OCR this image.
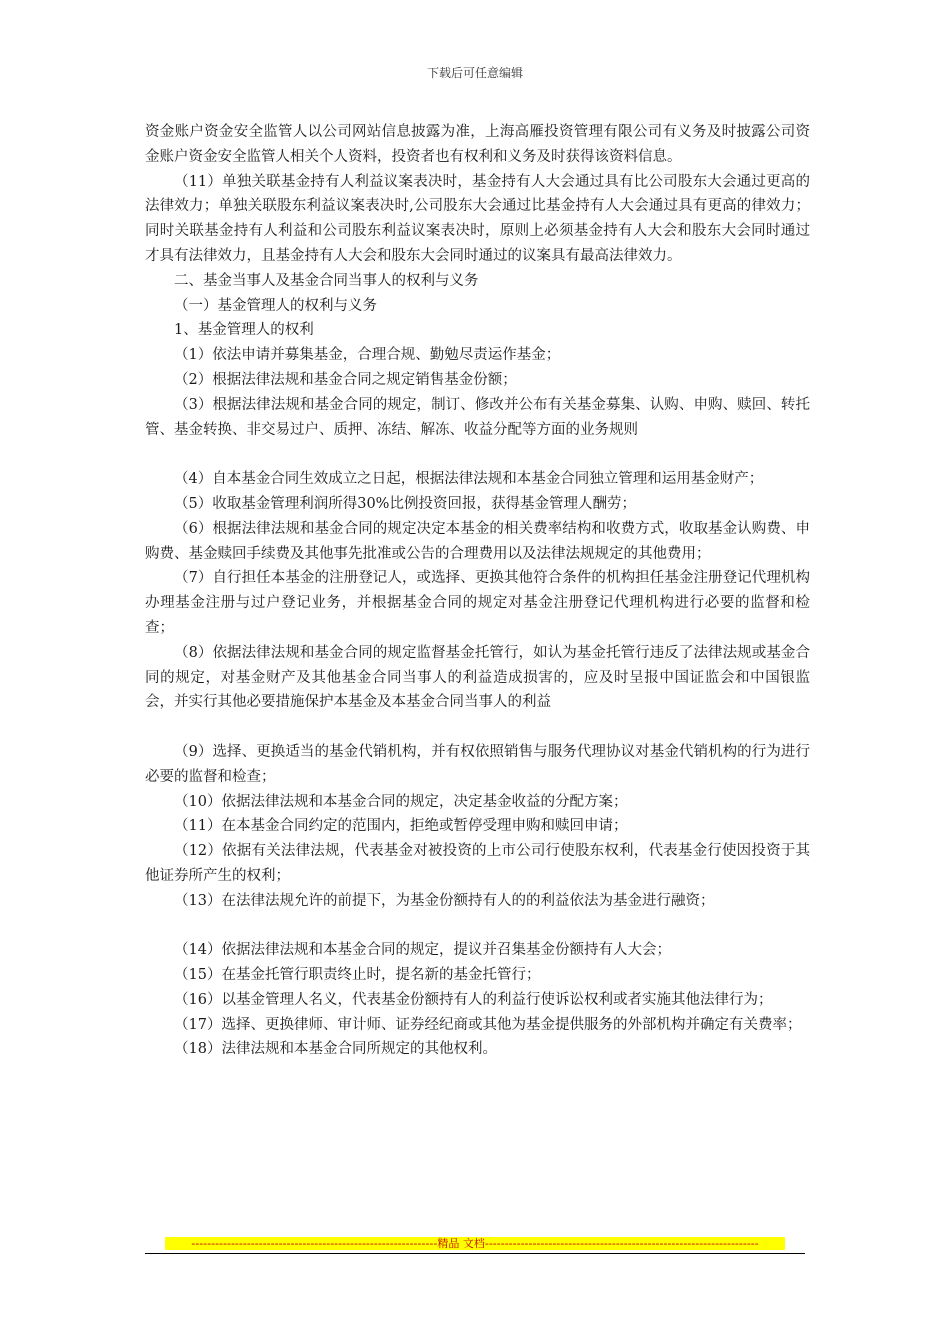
下载后可任意编辑

资金账户资金安全监管人以公司网站信息披露为准，上海高雁投资管理有限公司有义务及时披露公司资金账户资金安全监管人相关个人资料，投资者也有权利和义务及时获得该资料信息。

（11）单独关联基金持有人利益议案表决时，基金持有人大会通过具有比公司股东大会通过更高的法律效力；单独关联股东利益议案表决时,公司股东大会通过比基金持有人大会通过具有更高的律效力；同时关联基金持有人利益和公司股东利益议案表决时，原则上必须基金持有人大会和股东大会同时通过才具有法律效力，且基金持有人大会和股东大会同时通过的议案具有最高法律效力。

二、基金当事人及基金合同当事人的权利与义务

（一）基金管理人的权利与义务

1、基金管理人的权利

（1）依法申请并募集基金，合理合规、勤勉尽责运作基金；

（2）根据法律法规和基金合同之规定销售基金份额；

（3）根据法律法规和基金合同的规定，制订、修改并公布有关基金募集、认购、申购、赎回、转托管、基金转换、非交易过户、质押、冻结、解冻、收益分配等方面的业务规则

（4）自本基金合同生效成立之日起，根据法律法规和本基金合同独立管理和运用基金财产；

（5）收取基金管理利润所得30%比例投资回报，获得基金管理人酬劳；

（6）根据法律法规和基金合同的规定决定本基金的相关费率结构和收费方式，收取基金认购费、申购费、基金赎回手续费及其他事先批准或公告的合理费用以及法律法规规定的其他费用；

（7）自行担任本基金的注册登记人，或选择、更换其他符合条件的机构担任基金注册登记代理机构办理基金注册与过户登记业务，并根据基金合同的规定对基金注册登记代理机构进行必要的监督和检查；

（8）依据法律法规和基金合同的规定监督基金托管行，如认为基金托管行违反了法律法规或基金合同的规定，对基金财产及其他基金合同当事人的利益造成损害的，应及时呈报中国证监会和中国银监会，并实行其他必要措施保护本基金及本基金合同当事人的利益

（9）选择、更换适当的基金代销机构，并有权依照销售与服务代理协议对基金代销机构的行为进行必要的监督和检查；

（10）依据法律法规和本基金合同的规定，决定基金收益的分配方案；

（11）在本基金合同约定的范围内，拒绝或暂停受理申购和赎回申请；

（12）依据有关法律法规，代表基金对被投资的上市公司行使股东权利，代表基金行使因投资于其他证券所产生的权利；

（13）在法律法规允许的前提下，为基金份额持有人的的利益依法为基金进行融资；

（14）依据法律法规和本基金合同的规定，提议并召集基金份额持有人大会；

（15）在基金托管行职责终止时，提名新的基金托管行；

（16）以基金管理人名义，代表基金份额持有人的利益行使诉讼权利或者实施其他法律行为；

（17）选择、更换律师、审计师、证券经纪商或其他为基金提供服务的外部机构并确定有关费率；

（18）法律法规和本基金合同所规定的其他权利。

--------------------------------------------------------------精品 文档---------------------------------------------------------------------
